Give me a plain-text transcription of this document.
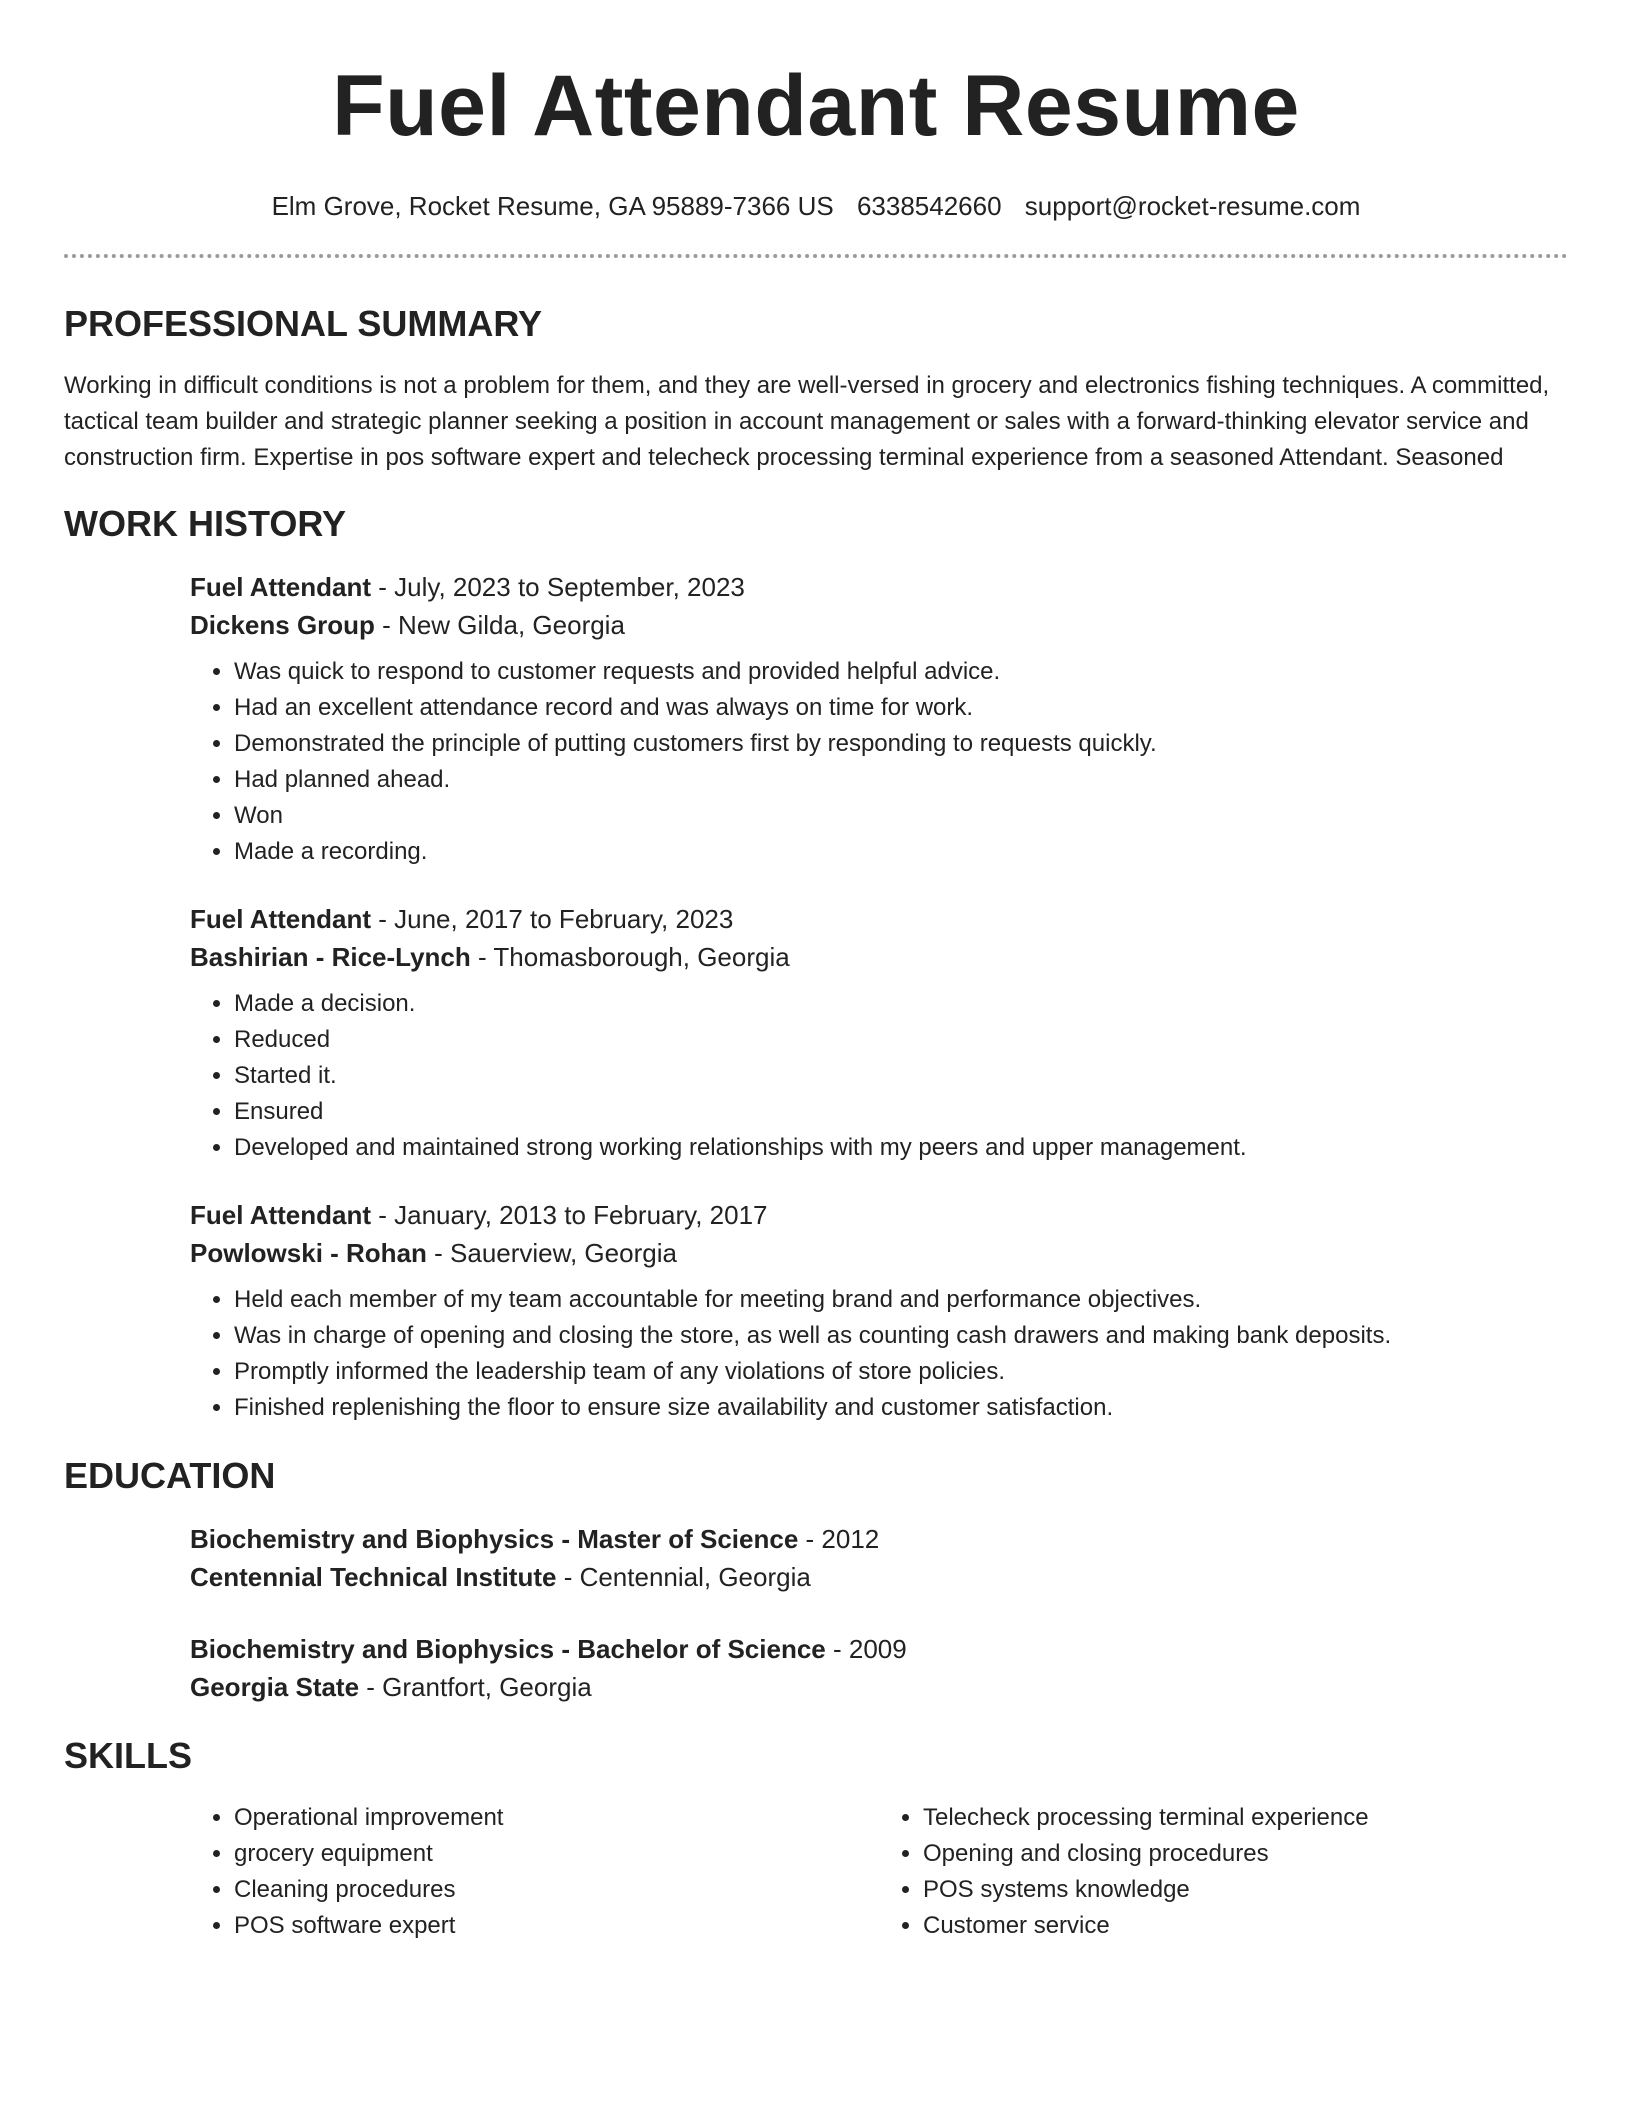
Fuel Attendant Resume
Elm Grove, Rocket Resume, GA 95889-7366 US 6338542660 support@rocket-resume.com
PROFESSIONAL SUMMARY

Working in difficult conditions is not a problem for them, and they are well-versed in grocery and electronics fishing techniques. A committed, tactical team builder and strategic planner seeking a position in account management or sales with a forward-thinking elevator service and construction firm. Expertise in pos software expert and telecheck processing terminal experience from a seasoned Attendant. Seasoned

WORK HISTORY

Fuel Attendant - July, 2023 to September, 2023

Dickens Group - New Gilda, Georgia

• Was quick to respond to customer requests and provided helpful advice.
• Had an excellent attendance record and was always on time for work.
• Demonstrated the principle of putting customers first by responding to requests quickly.
• Had planned ahead.
• Won
• Made a recording.

Fuel Attendant - June, 2017 to February, 2023

Bashirian - Rice-Lynch - Thomasborough, Georgia

• Made a decision.
• Reduced
• Started it.
• Ensured
• Developed and maintained strong working relationships with my peers and upper management.

Fuel Attendant - January, 2013 to February, 2017

Powlowski - Rohan - Sauerview, Georgia

• Held each member of my team accountable for meeting brand and performance objectives.
• Was in charge of opening and closing the store, as well as counting cash drawers and making bank deposits.
• Promptly informed the leadership team of any violations of store policies.
• Finished replenishing the floor to ensure size availability and customer satisfaction.
EDUCATION

Biochemistry and Biophysics - Master of Science - 2012

Centennial Technical Institute - Centennial, Georgia

Biochemistry and Biophysics - Bachelor of Science - 2009

Georgia State - Grantfort, Georgia

SKILLS
• Operational improvement
• grocery equipment
• Cleaning procedures
• POS software expert
• Telecheck processing terminal experience
• Opening and closing procedures
• POS systems knowledge
• Customer service
